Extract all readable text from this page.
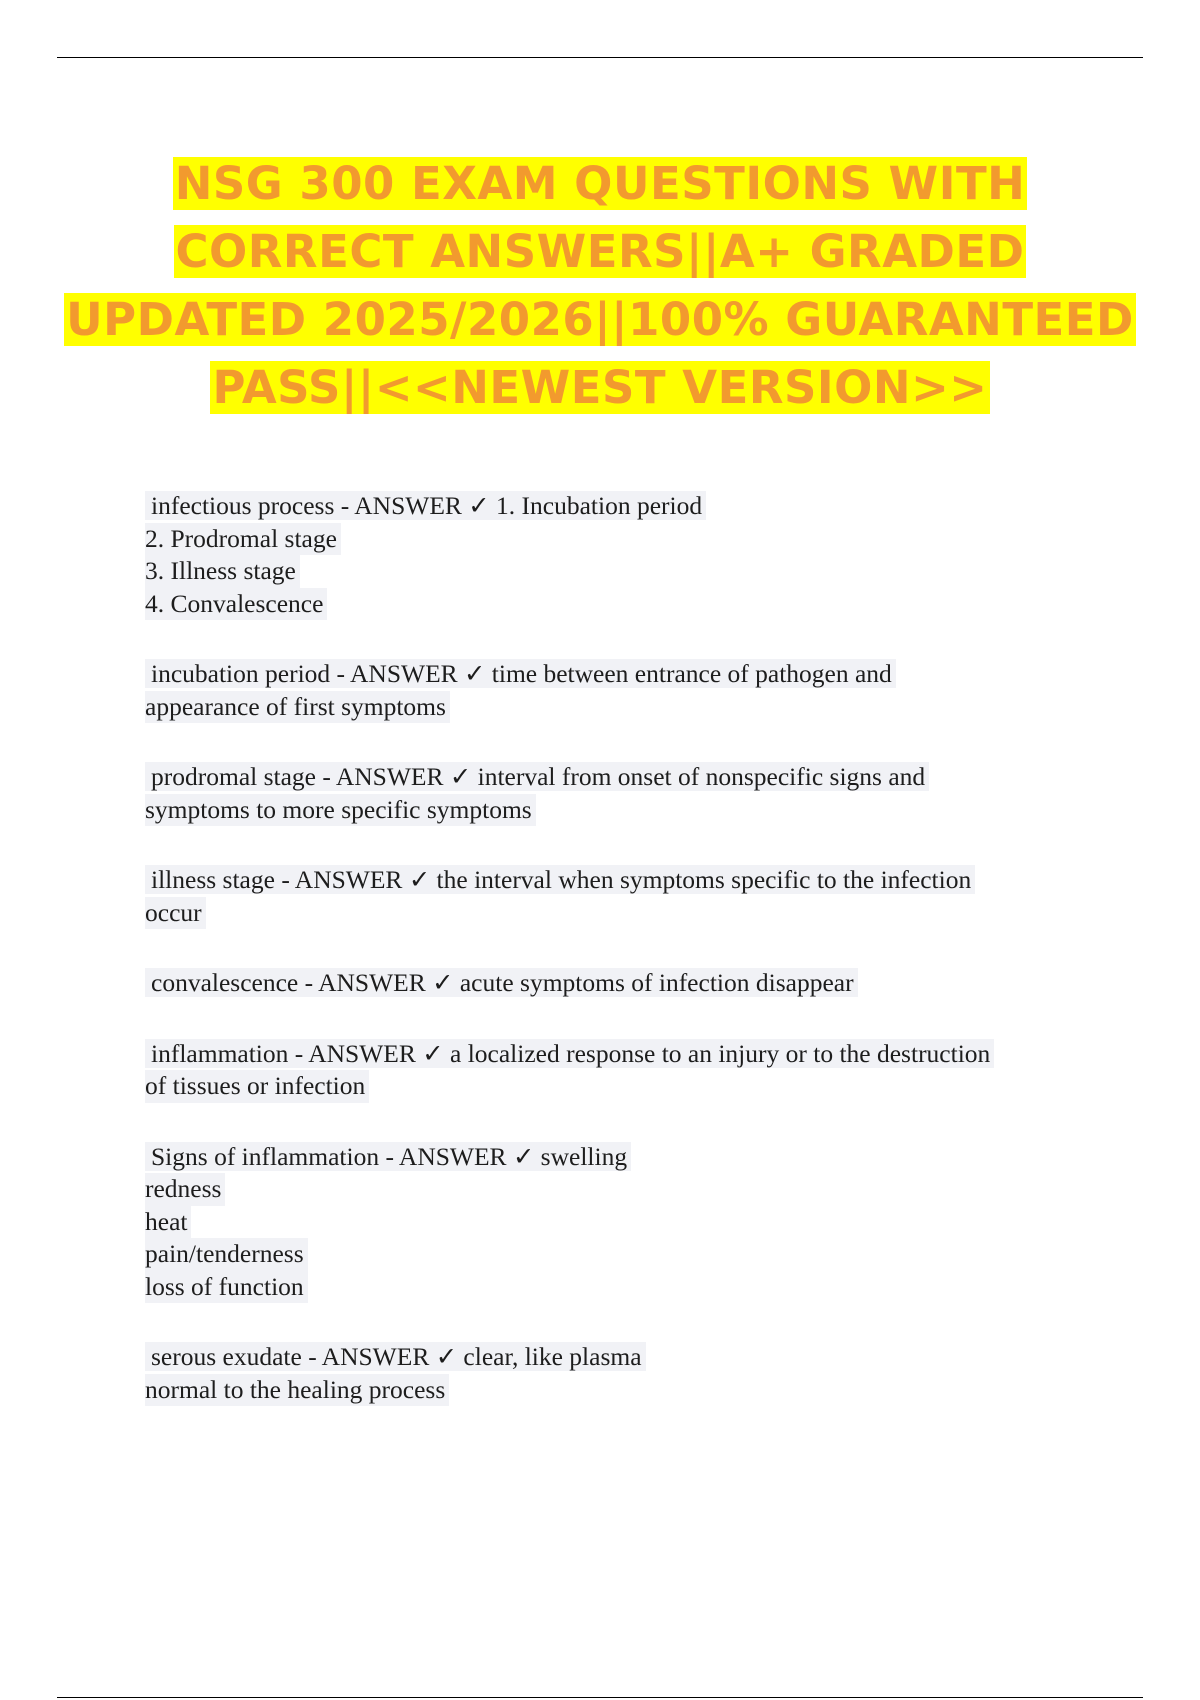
NSG 300 EXAM QUESTIONS WITH CORRECT ANSWERS||A+ GRADED UPDATED 2025/2026||100% GUARANTEED PASS||<<NEWEST VERSION>>
infectious process - ANSWER ✓ 1. Incubation period
2. Prodromal stage
3. Illness stage
4. Convalescence
incubation period - ANSWER ✓ time between entrance of pathogen and
appearance of first symptoms
prodromal stage - ANSWER ✓ interval from onset of nonspecific signs and
symptoms to more specific symptoms
illness stage - ANSWER ✓ the interval when symptoms specific to the infection
occur
convalescence - ANSWER ✓ acute symptoms of infection disappear
inflammation - ANSWER ✓ a localized response to an injury or to the destruction
of tissues or infection
Signs of inflammation - ANSWER ✓ swelling
redness
heat
pain/tenderness
loss of function
serous exudate - ANSWER ✓ clear, like plasma
normal to the healing process
